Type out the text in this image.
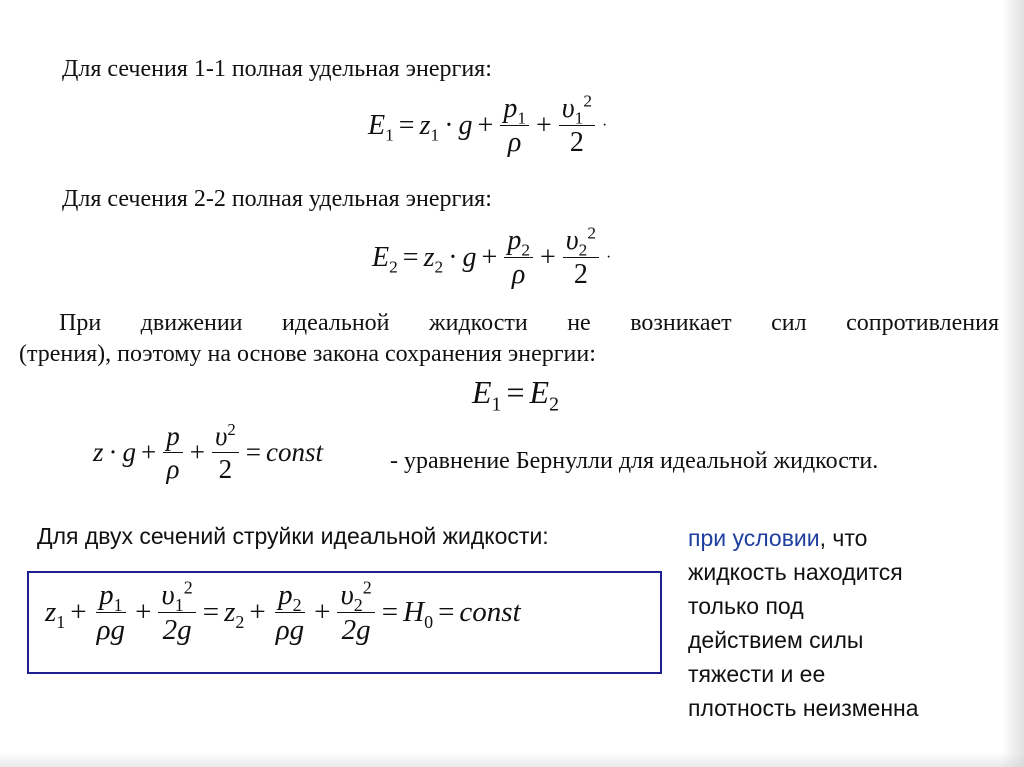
Для сечения 1-1 полная удельная энергия:

$E_1 = z_1 \cdot g + \frac{p_1}{\rho} + \frac{\upsilon_1^2}{2}$ ·

Для сечения 2-2 полная удельная энергия:

$E_2 = z_2 \cdot g + \frac{p_2}{\rho} + \frac{\upsilon_2^2}{2}$ ·

При движении идеальной жидкости не возникает сил сопротивления
(трения), поэтому на основе закона сохранения энергии:

$E_1 = E_2$
$z \cdot g + \frac{p}{\rho} + \frac{\upsilon^2}{2}$ = const	- уравнение Бернулли для идеальной жидкости.

Для двух сечений струйки идеальной жидкости:

$z_1 + \frac{p_1}{\rho g} + \frac{\upsilon_1^2}{2g} = z_2 + \frac{p_2}{\rho g} + \frac{\upsilon_2^2}{2g} = H_0$ = const

при условии, что
жидкость находится
только под
действием силы
тяжести и ее
плотность неизменна
